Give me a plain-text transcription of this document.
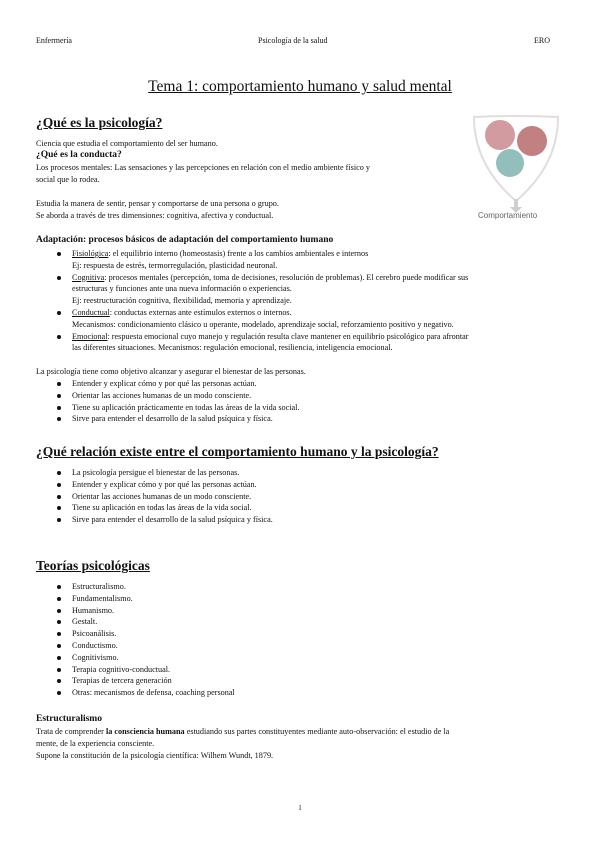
Enfermería	Psicología de la salud	ERO
Tema 1: comportamiento humano y salud mental
¿Qué es la psicología?
Ciencia que estudia el comportamiento del ser humano.
¿Qué es la conducta?
Los procesos mentales: Las sensaciones y las percepciones en relación con el medio ambiente físico y
social que lo rodea.
Estudia la manera de sentir, pensar y comportarse de una persona o grupo.
Se aborda a través de tres dimensiones: cognitiva, afectiva y conductual.	Comportamiento
Adaptación: procesos básicos de adaptación del comportamiento humano
Fisiológica: el equilibrio interno (homeostasis) frente a los cambios ambientales e internos
Ej: respuesta de estrés, termorregulación, plasticidad neuronal.
Cognitiva: procesos mentales (percepción, toma de decisiones, resolución de problemas). El cerebro puede modificar sus
estructuras y funciones ante una nueva información o experiencias.
Ej: reestructuración cognitiva, flexibilidad, memoria y aprendizaje.
Conductual: conductas externas ante estímulos externos o internos.
Mecanismos: condicionamiento clásico u operante, modelado, aprendizaje social, reforzamiento positivo y negativo.
Emocional: respuesta emocional cuyo manejo y regulación resulta clave mantener en equilibrio psicológico para afrontar
las diferentes situaciones. Mecanismos: regulación emocional, resiliencia, inteligencia emocional.
La psicología tiene como objetivo alcanzar y asegurar el bienestar de las personas.
Entender y explicar cómo y por qué las personas actúan.
Orientar las acciones humanas de un modo consciente.
Tiene su aplicación prácticamente en todas las áreas de la vida social.
Sirve para entender el desarrollo de la salud psíquica y física.
¿Qué relación existe entre el comportamiento humano y la psicología?
La psicología persigue el bienestar de las personas.
Entender y explicar cómo y por qué las personas actúan.
Orientar las acciones humanas de un modo consciente.
Tiene su aplicación en todas las áreas de la vida social.
Sirve para entender el desarrollo de la salud psíquica y física.
Teorías psicológicas
Estructuralismo.
Fundamentalismo.
Humanismo.
Gestalt.
Psicoanálisis.
Conductismo.
Cognitivismo.
Terapia cognitivo-conductual.
Terapias de tercera generación
Otras: mecanismos de defensa, coaching personal
Estructuralismo
Trata de comprender la consciencia humana estudiando sus partes constituyentes mediante auto-observación: el estudio de la
mente, de la experiencia consciente.
Supone la constitución de la psicología científica: Wilhem Wundt, 1879.
1
